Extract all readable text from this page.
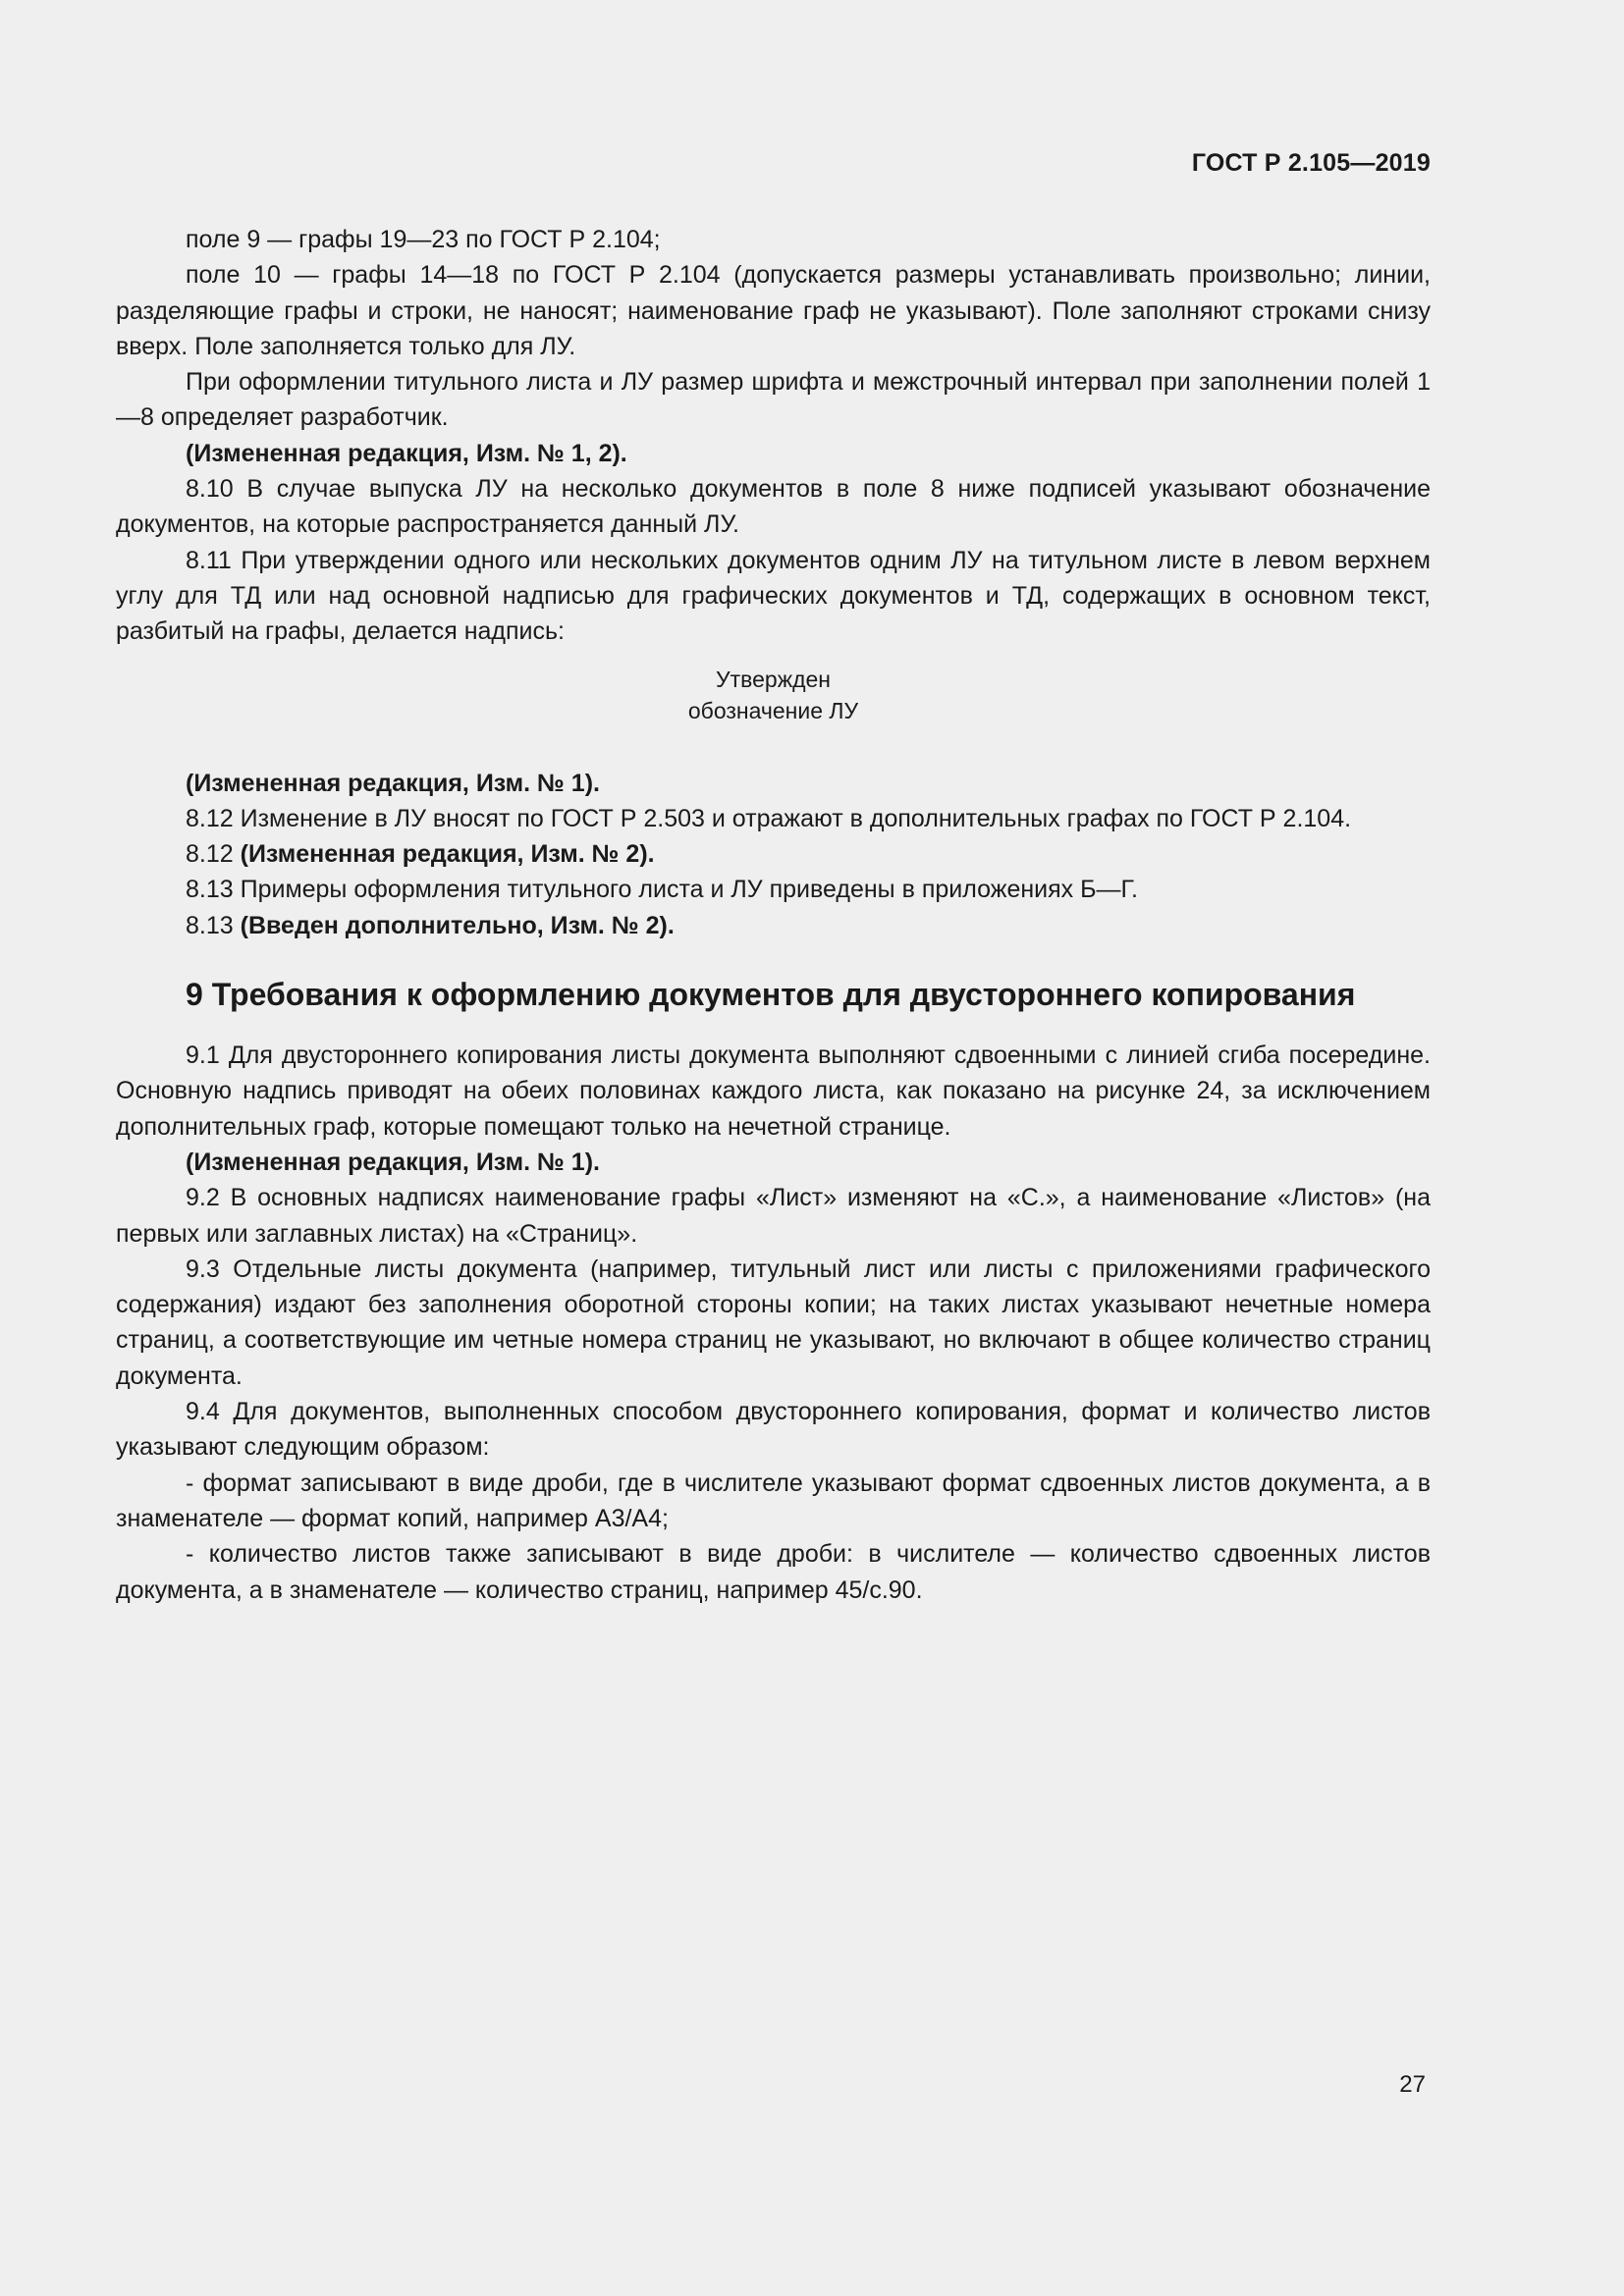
ГОСТ Р 2.105—2019

поле 9 — графы 19—23 по ГОСТ Р 2.104;

поле 10 — графы 14—18 по ГОСТ Р 2.104 (допускается размеры устанавливать произвольно; линии, разделяющие графы и строки, не наносят; наименование граф не указывают). Поле заполняют строками снизу вверх. Поле заполняется только для ЛУ.

При оформлении титульного листа и ЛУ размер шрифта и межстрочный интервал при заполнении полей 1—8 определяет разработчик.

(Измененная редакция, Изм. № 1, 2).

8.10 В случае выпуска ЛУ на несколько документов в поле 8 ниже подписей указывают обозначение документов, на которые распространяется данный ЛУ.

8.11 При утверждении одного или нескольких документов одним ЛУ на титульном листе в левом верхнем углу для ТД или над основной надписью для графических документов и ТД, содержащих в основном текст, разбитый на графы, делается надпись:

Утвержден
обозначение ЛУ

(Измененная редакция, Изм. № 1).

8.12 Изменение в ЛУ вносят по ГОСТ Р 2.503 и отражают в дополнительных графах по ГОСТ Р 2.104.

8.12 (Измененная редакция, Изм. № 2).

8.13 Примеры оформления титульного листа и ЛУ приведены в приложениях Б—Г.

8.13 (Введен дополнительно, Изм. № 2).

9 Требования к оформлению документов для двустороннего копирования

9.1 Для двустороннего копирования листы документа выполняют сдвоенными с линией сгиба посередине. Основную надпись приводят на обеих половинах каждого листа, как показано на рисунке 24, за исключением дополнительных граф, которые помещают только на нечетной странице.

(Измененная редакция, Изм. № 1).

9.2 В основных надписях наименование графы «Лист» изменяют на «С.», а наименование «Листов» (на первых или заглавных листах) на «Страниц».

9.3 Отдельные листы документа (например, титульный лист или листы с приложениями графического содержания) издают без заполнения оборотной стороны копии; на таких листах указывают нечетные номера страниц, а соответствующие им четные номера страниц не указывают, но включают в общее количество страниц документа.

9.4 Для документов, выполненных способом двустороннего копирования, формат и количество листов указывают следующим образом:

- формат записывают в виде дроби, где в числителе указывают формат сдвоенных листов документа, а в знаменателе — формат копий, например А3/А4;

- количество листов также записывают в виде дроби: в числителе — количество сдвоенных листов документа, а в знаменателе — количество страниц, например 45/с.90.

27
